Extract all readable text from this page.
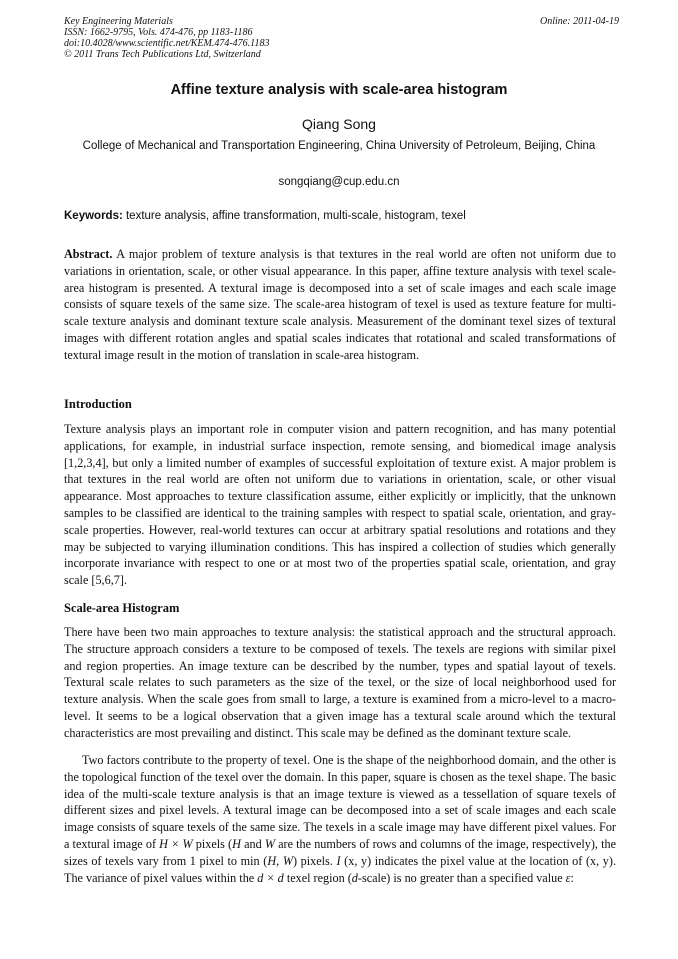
Key Engineering Materials
ISSN: 1662-9795, Vols. 474-476, pp 1183-1186
doi:10.4028/www.scientific.net/KEM.474-476.1183
© 2011 Trans Tech Publications Ltd, Switzerland
Online: 2011-04-19
Affine texture analysis with scale-area histogram
Qiang Song
College of Mechanical and Transportation Engineering, China University of Petroleum, Beijing, China
songqiang@cup.edu.cn
Keywords: texture analysis, affine transformation, multi-scale, histogram, texel
Abstract. A major problem of texture analysis is that textures in the real world are often not uniform due to variations in orientation, scale, or other visual appearance. In this paper, affine texture analysis with texel scale-area histogram is presented. A textural image is decomposed into a set of scale images and each scale image consists of square texels of the same size. The scale-area histogram of texel is used as texture feature for multi-scale texture analysis and dominant texture scale analysis. Measurement of the dominant texel sizes of textural images with different rotation angles and spatial scales indicates that rotational and scaled transformations of textural image result in the motion of translation in scale-area histogram.
Introduction
Texture analysis plays an important role in computer vision and pattern recognition, and has many potential applications, for example, in industrial surface inspection, remote sensing, and biomedical image analysis [1,2,3,4], but only a limited number of examples of successful exploitation of texture exist. A major problem is that textures in the real world are often not uniform due to variations in orientation, scale, or other visual appearance. Most approaches to texture classification assume, either explicitly or implicitly, that the unknown samples to be classified are identical to the training samples with respect to spatial scale, orientation, and gray-scale properties. However, real-world textures can occur at arbitrary spatial resolutions and rotations and they may be subjected to varying illumination conditions. This has inspired a collection of studies which generally incorporate invariance with respect to one or at most two of the properties spatial scale, orientation, and gray scale [5,6,7].
Scale-area Histogram
There have been two main approaches to texture analysis: the statistical approach and the structural approach. The structure approach considers a texture to be composed of texels. The texels are regions with similar pixel and region properties. An image texture can be described by the number, types and spatial layout of texels. Textural scale relates to such parameters as the size of the texel, or the size of local neighborhood used for texture analysis. When the scale goes from small to large, a texture is examined from a micro-level to a macro-level. It seems to be a logical observation that a given image has a textural scale around which the textural characteristics are most prevailing and distinct. This scale may be defined as the dominant texture scale.
Two factors contribute to the property of texel. One is the shape of the neighborhood domain, and the other is the topological function of the texel over the domain. In this paper, square is chosen as the texel shape. The basic idea of the multi-scale texture analysis is that an image texture is viewed as a tessellation of square texels of different sizes and pixel levels. A textural image can be decomposed into a set of scale images and each scale image consists of square texels of the same size. The texels in a scale image may have different pixel values. For a textural image of H × W pixels (H and W are the numbers of rows and columns of the image, respectively), the sizes of texels vary from 1 pixel to min (H, W) pixels. I (x, y) indicates the pixel value at the location of (x, y). The variance of pixel values within the d × d texel region (d-scale) is no greater than a specified value ε:
